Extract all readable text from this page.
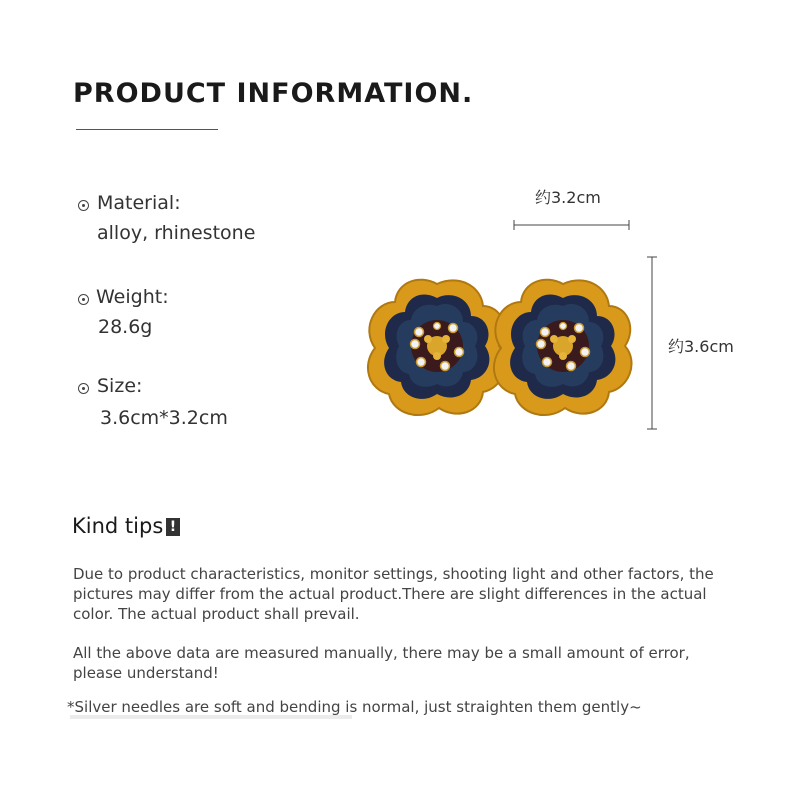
PRODUCT INFORMATION.
Material:
alloy, rhinestone
Weight:
28.6g
Size:
3.6cm*3.2cm
约3.2cm
约3.6cm
Kind tips !
Due to product characteristics, monitor settings, shooting light and other factors, the pictures may differ from the actual product.There are slight differences in the actual color. The actual product shall prevail.
All the above data are measured manually, there may be a small amount of error, please understand!
*Silver needles are soft and bending is normal, just straighten them gently~
